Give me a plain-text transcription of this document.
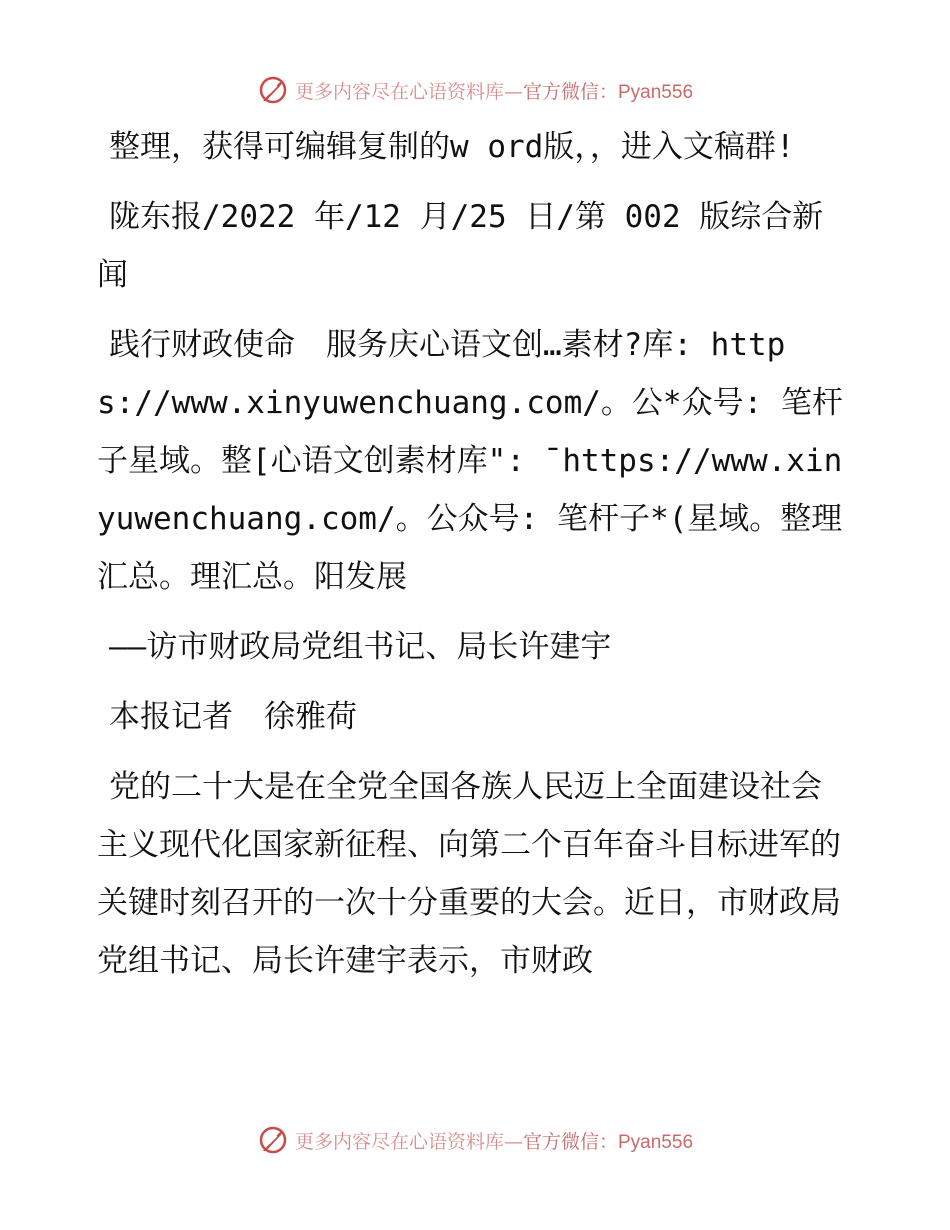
更多内容尽在心语资料库— 官方微信：Pyan556

整理，获得可编辑复制的w ord版，，进入文稿群!

陇东报/2022 年/12 月/25 日/第 002 版综合新闻

践行财政使命　服务庆心语文创…素材?库: https://www.xinyuwenchuang.com/。公*众号: 笔杆子星域。整[心语文创素材库": ¯https://www.xinyuwenchuang.com/。公众号: 笔杆子*(星域。整理汇总。理汇总。阳发展

——访市财政局党组书记、局长许建宇

本报记者　徐雅荷

党的二十大是在全党全国各族人民迈上全面建设社会主义现代化国家新征程、向第二个百年奋斗目标进军的关键时刻召开的一次十分重要的大会。近日，市财政局党组书记、局长许建宇表示，市财政

更多内容尽在心语资料库— 官方微信：Pyan556
